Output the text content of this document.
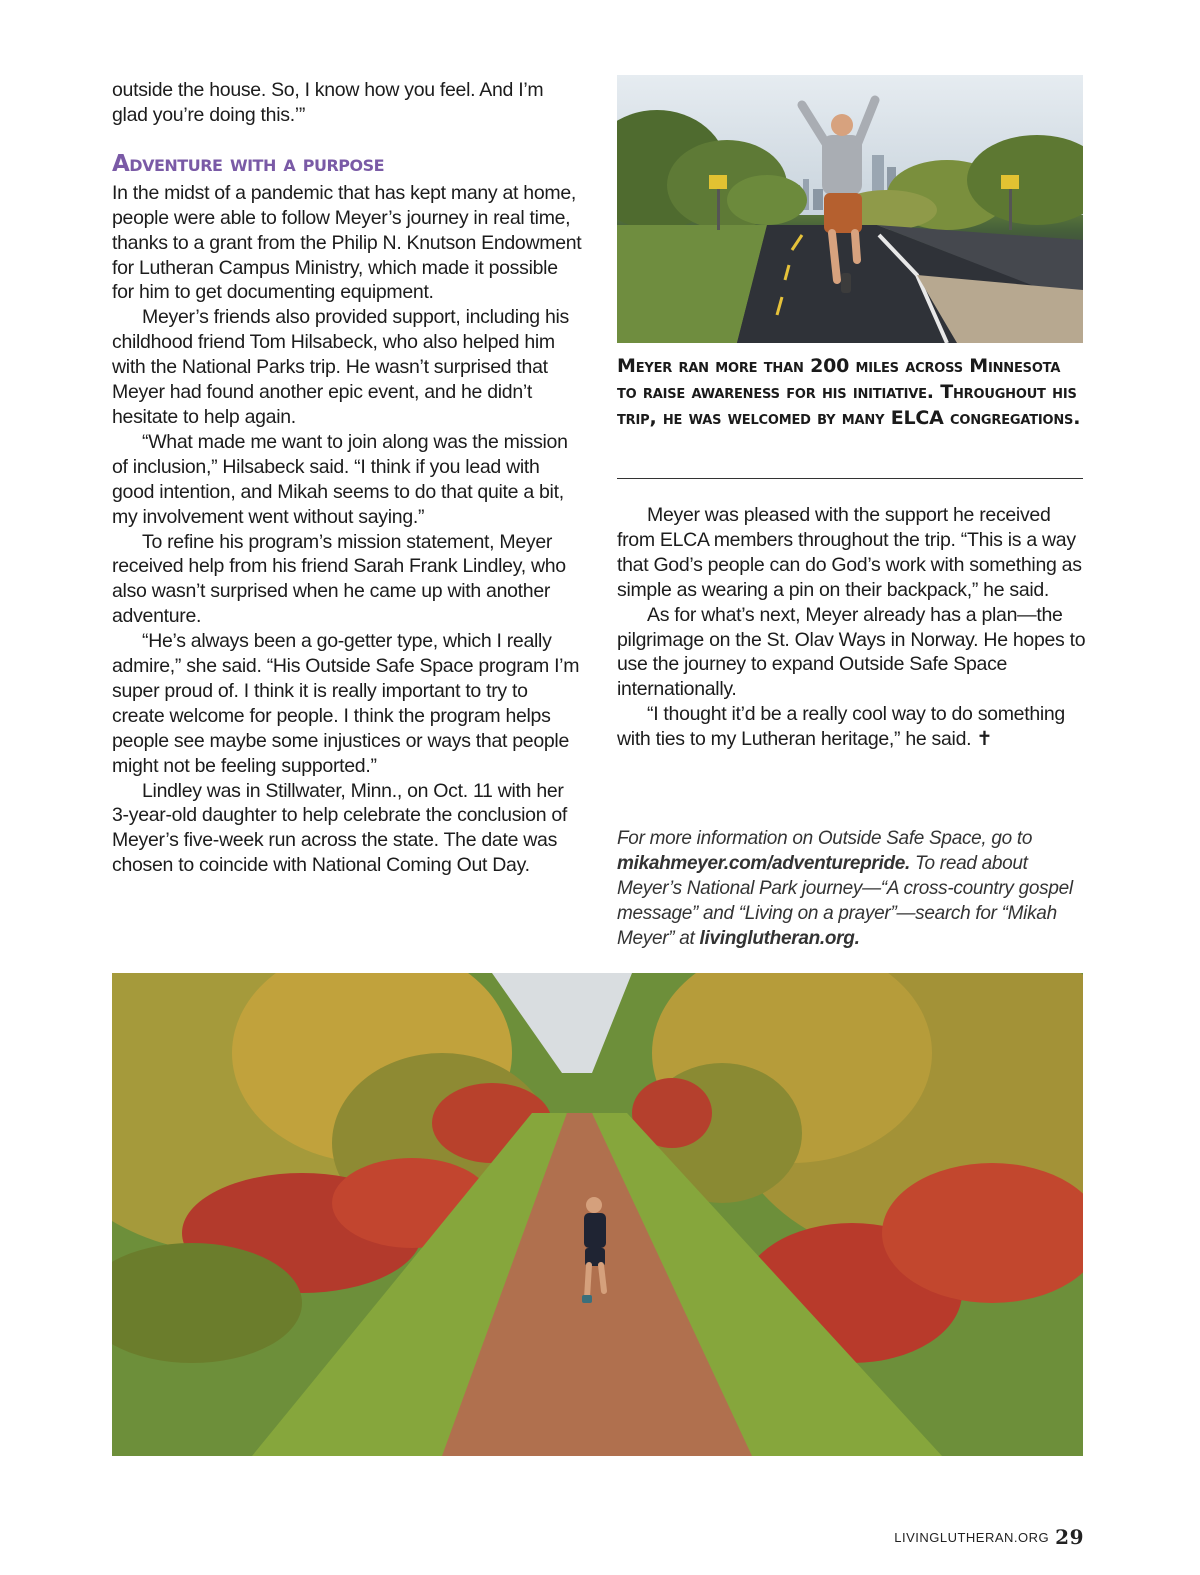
outside the house. So, I know how you feel. And I’m glad you’re doing this.’”

Adventure with a purpose

In the midst of a pandemic that has kept many at home, people were able to follow Meyer’s journey in real time, thanks to a grant from the Philip N. Knutson Endowment for Lutheran Campus Ministry, which made it possible for him to get documenting equipment.

Meyer’s friends also provided support, including his childhood friend Tom Hilsabeck, who also helped him with the National Parks trip. He wasn’t surprised that Meyer had found another epic event, and he didn’t hesitate to help again.

“What made me want to join along was the mission of inclusion,” Hilsabeck said. “I think if you lead with good intention, and Mikah seems to do that quite a bit, my involvement went without saying.”

To refine his program’s mission statement, Meyer received help from his friend Sarah Frank Lindley, who also wasn’t surprised when he came up with another adventure.

“He’s always been a go-getter type, which I really admire,” she said. “His Outside Safe Space program I’m super proud of. I think it is really important to try to create welcome for people. I think the program helps people see maybe some injustices or ways that people might not be feeling supported.”

Lindley was in Stillwater, Minn., on Oct. 11 with her 3-year-old daughter to help celebrate the conclusion of Meyer’s five-week run across the state. The date was chosen to coincide with National Coming Out Day.

Meyer ran more than 200 miles across Minnesota to raise awareness for his initiative. Throughout his trip, he was welcomed by many ELCA congregations.

Meyer was pleased with the support he received from ELCA members throughout the trip. “This is a way that God’s people can do God’s work with something as simple as wearing a pin on their backpack,” he said.

As for what’s next, Meyer already has a plan—the pilgrimage on the St. Olav Ways in Norway. He hopes to use the journey to expand Outside Safe Space internationally.

“I thought it’d be a really cool way to do something with ties to my Lutheran heritage,” he said. ✝

For more information on Outside Safe Space, go to mikahmeyer.com/adventurepride. To read about Meyer’s National Park journey—“A cross-country gospel message” and “Living on a prayer”—search for “Mikah Meyer” at livinglutheran.org.
LIVINGLUTHERAN.ORG 29
